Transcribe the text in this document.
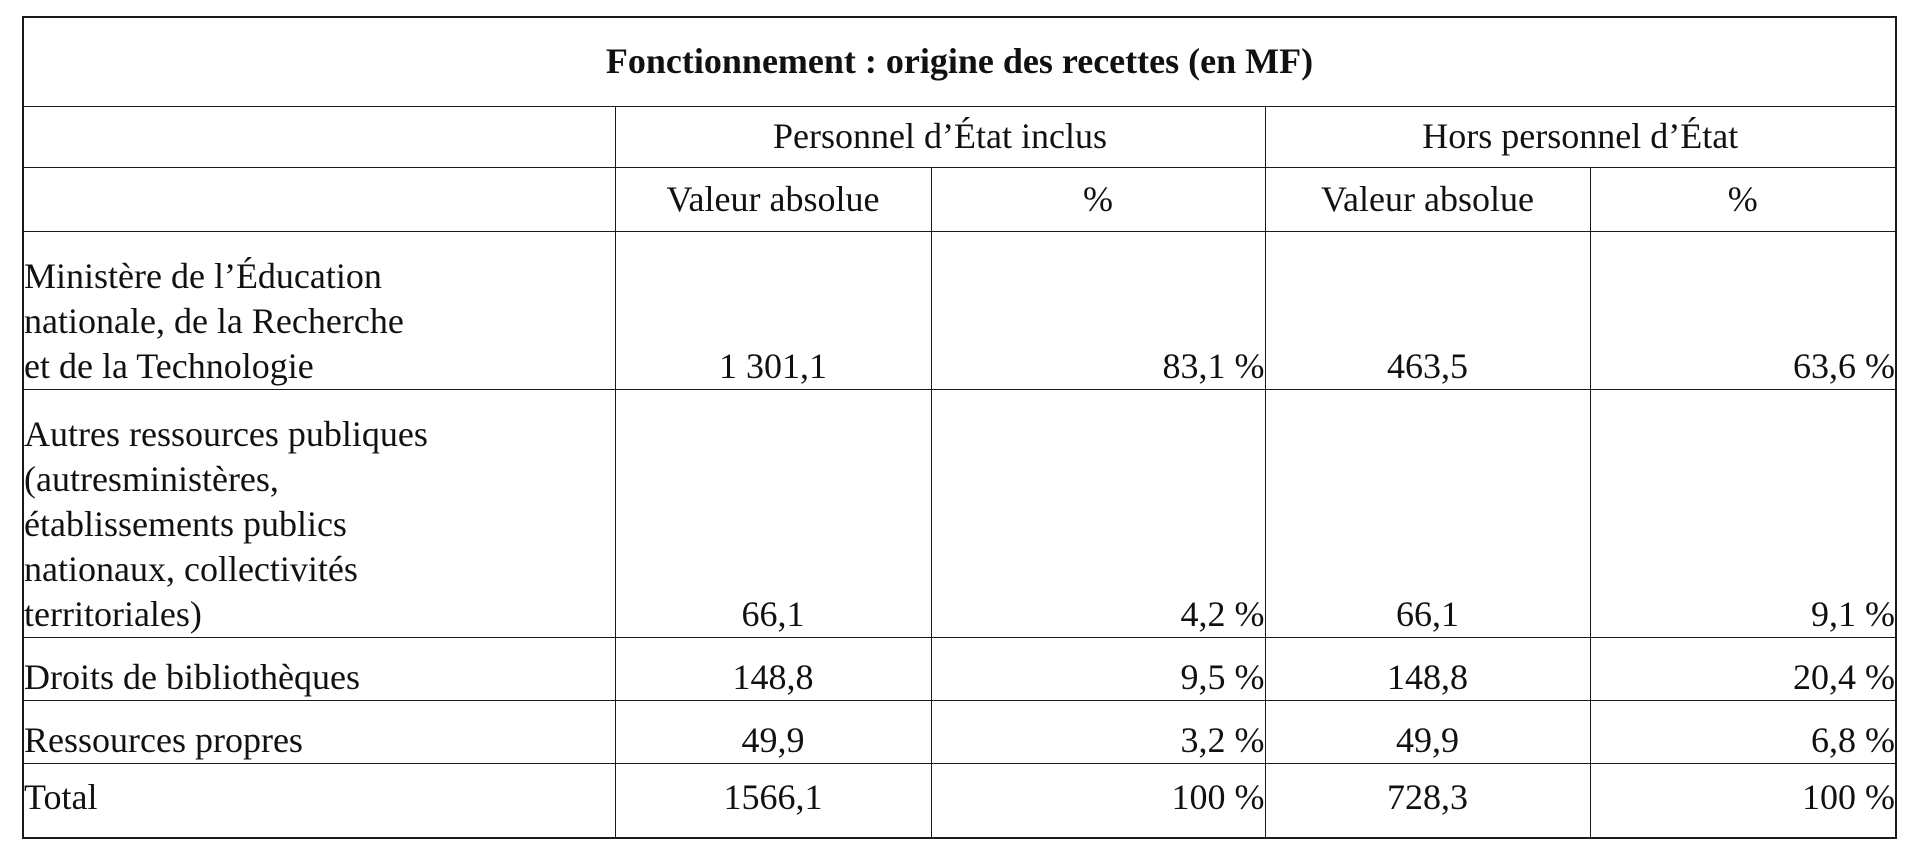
Fonctionnement : origine des recettes (en MF)				
	Personnel d’État inclus		Hors personnel d’État	
	Valeur absolue	%	Valeur absolue	%

Ministère de l’Éducation
nationale, de la Recherche
et de la Technologie	1 301,1	83,1 %	463,5	63,6 %

Autres ressources publiques
(autresministères,
établissements publics
nationaux, collectivités
territoriales)	66,1	4,2 %	66,1	9,1 %
Droits de bibliothèques	148,8	9,5 %	148,8	20,4 %
Ressources propres	49,9	3,2 %	49,9	6,8 %
Total	1566,1	100 %	728,3	100 %
